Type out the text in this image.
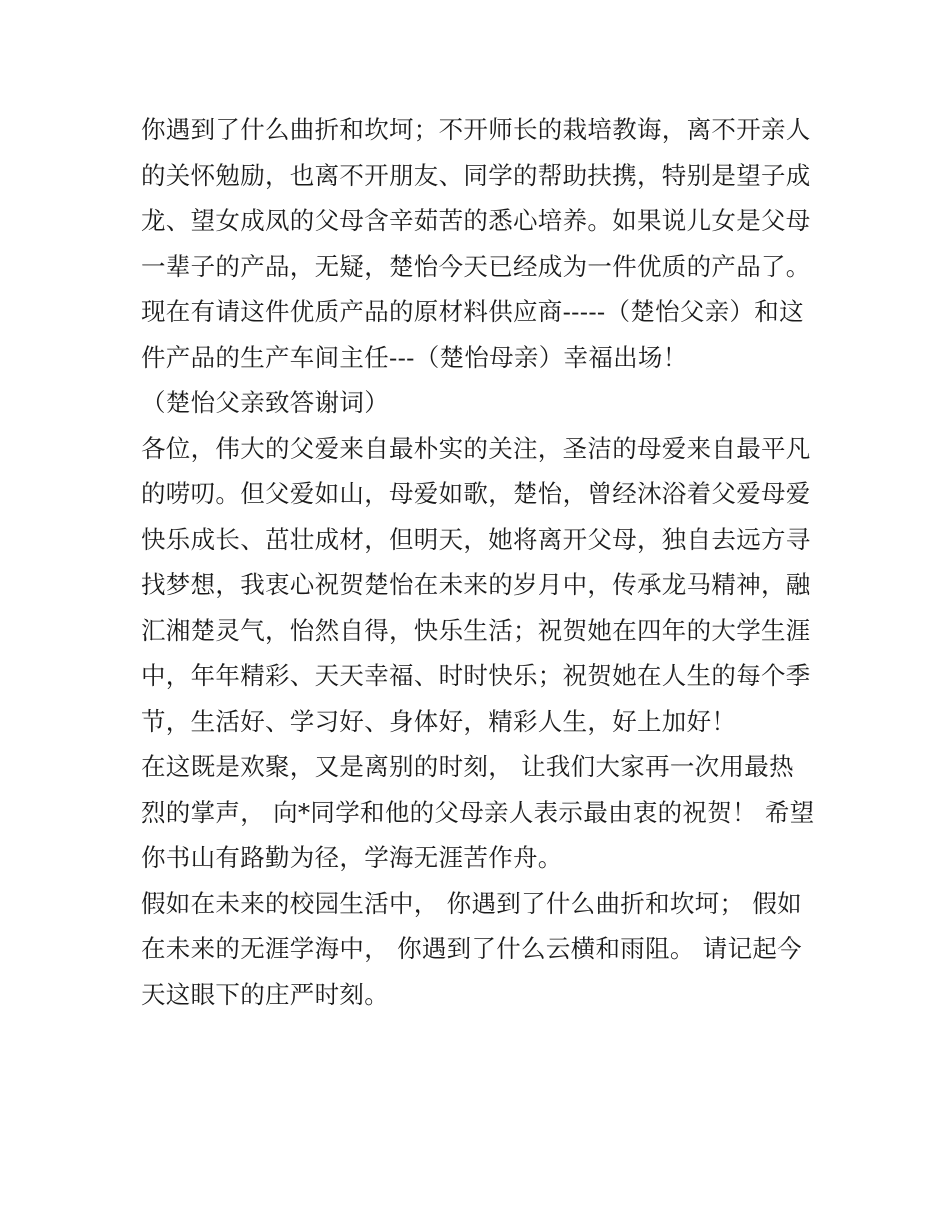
你遇到了什么曲折和坎坷；不开师长的栽培教诲，离不开亲人
的关怀勉励，也离不开朋友、同学的帮助扶携，特别是望子成
龙、望女成凤的父母含辛茹苦的悉心培养。如果说儿女是父母
一辈子的产品，无疑，楚怡今天已经成为一件优质的产品了。
现在有请这件优质产品的原材料供应商-----（楚怡父亲）和这
件产品的生产车间主任---（楚怡母亲）幸福出场！
（楚怡父亲致答谢词）
各位，伟大的父爱来自最朴实的关注，圣洁的母爱来自最平凡
的唠叨。但父爱如山，母爱如歌，楚怡，曾经沐浴着父爱母爱
快乐成长、茁壮成材，但明天，她将离开父母，独自去远方寻
找梦想，我衷心祝贺楚怡在未来的岁月中，传承龙马精神，融
汇湘楚灵气，怡然自得，快乐生活；祝贺她在四年的大学生涯
中，年年精彩、天天幸福、时时快乐；祝贺她在人生的每个季
节，生活好、学习好、身体好，精彩人生，好上加好！
在这既是欢聚，又是离别的时刻， 让我们大家再一次用最热
烈的掌声， 向*同学和他的父母亲人表示最由衷的祝贺！ 希望
你书山有路勤为径，学海无涯苦作舟。
假如在未来的校园生活中， 你遇到了什么曲折和坎坷； 假如
在未来的无涯学海中， 你遇到了什么云横和雨阻。 请记起今
天这眼下的庄严时刻。
